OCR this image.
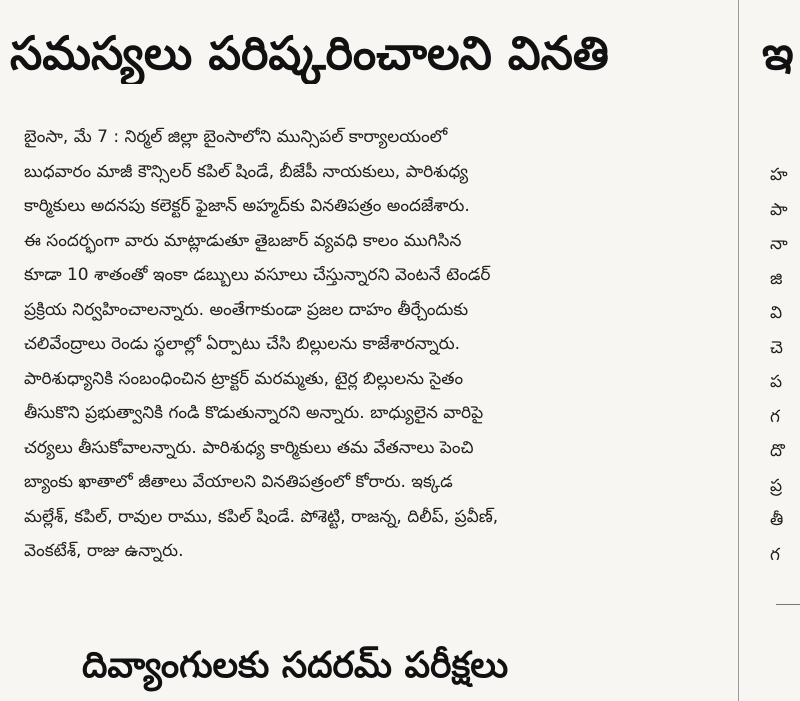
సమస్యలు పరిష్కరించాలని వినతి
బైంసా, మే 7 : నిర్మల్ జిల్లా బైంసాలోని మున్సిపల్ కార్యాలయంలో
బుధవారం మాజీ కౌన్సిలర్ కపిల్ షిండే, బీజేపీ నాయకులు, పారిశుధ్య
కార్మికులు అదనపు కలెక్టర్ ఫైజాన్ అహ్మద్‌కు వినతిపత్రం అందజేశారు.
ఈ సందర్భంగా వారు మాట్లాడుతూ తైబజార్ వ్యవధి కాలం ముగిసిన
కూడా 10 శాతంతో ఇంకా డబ్బులు వసూలు చేస్తున్నారని వెంటనే టెండర్
ప్రక్రియ నిర్వహించాలన్నారు. అంతేగాకుండా ప్రజల దాహం తీర్చేందుకు
చలివేంద్రాలు రెండు స్థలాల్లో ఏర్పాటు చేసి బిల్లులను కాజేశారన్నారు.
పారిశుధ్యానికి సంబంధించిన ట్రాక్టర్ మరమ్మతు, టైర్ల బిల్లులను సైతం
తీసుకొని ప్రభుత్వానికి గండి కొడుతున్నారని అన్నారు. బాధ్యులైన వారిపై
చర్యలు తీసుకోవాలన్నారు. పారిశుధ్య కార్మికులు తమ వేతనాలు పెంచి
బ్యాంకు ఖాతాలో జీతాలు వేయాలని వినతిపత్రంలో కోరారు. ఇక్కడ
మల్లేశ్, కపిల్, రావుల రాము, కపిల్ షిండే. పోశెట్టి, రాజన్న, దిలీప్, ప్రవీణ్,
వెంకటేశ్, రాజు ఉన్నారు.
దివ్యాంగులకు సదరమ్ పరీక్షలు
ఇ
హ
పా
నా
జి
వి
చె
ప
గ
దొ
ప్ర
తీ
గ
